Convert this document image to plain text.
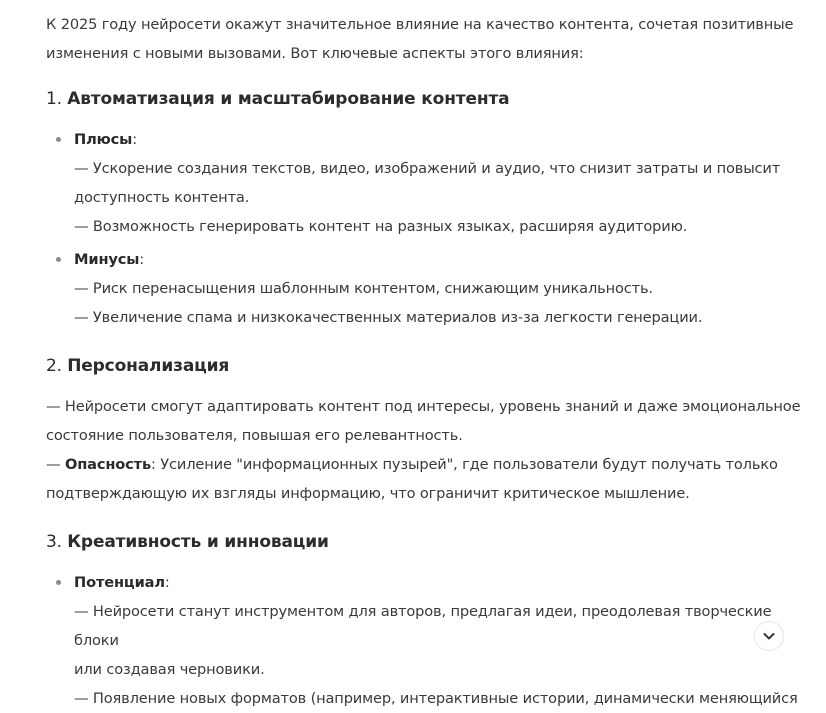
К 2025 году нейросети окажут значительное влияние на качество контента, сочетая позитивные
изменения с новыми вызовами. Вот ключевые аспекты этого влияния:

1. Автоматизация и масштабирование контента
Плюсы:
— Ускорение создания текстов, видео, изображений и аудио, что снизит затраты и повысит
доступность контента.
— Возможность генерировать контент на разных языках, расширяя аудиторию.
Минусы:
— Риск перенасыщения шаблонным контентом, снижающим уникальность.
— Увеличение спама и низкокачественных материалов из-за легкости генерации.
2. Персонализация

— Нейросети смогут адаптировать контент под интересы, уровень знаний и даже эмоциональное
состояние пользователя, повышая его релевантность.
— Опасность: Усиление "информационных пузырей", где пользователи будут получать только
подтверждающую их взгляды информацию, что ограничит критическое мышление.

3. Креативность и инновации
Потенциал:
— Нейросети станут инструментом для авторов, предлагая идеи, преодолевая творческие блоки
или создавая черновики.
— Появление новых форматов (например, интерактивные истории, динамически меняющийся
